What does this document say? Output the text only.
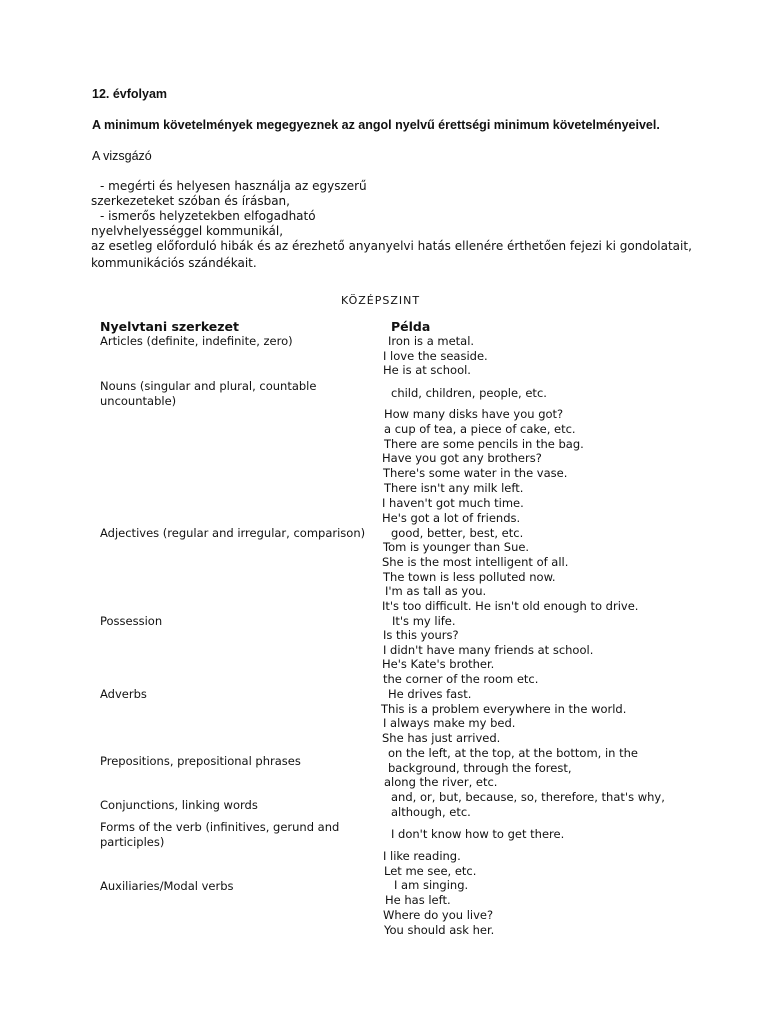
12. évfolyam
A minimum követelmények megegyeznek az angol nyelvű érettségi minimum követelményeivel.
A vizsgázó
- megérti és helyesen használja az egyszerű
szerkezeteket szóban és írásban,
- ismerős helyzetekben elfogadható
nyelvhelyességgel kommunikál,
az esetleg előforduló hibák és az érezhető anyanyelvi hatás ellenére érthetően fejezi ki gondolatait,
kommunikációs szándékait.
KÖZÉPSZINT
Nyelvtani szerkezet	Példa
Articles (definite, indefinite, zero)
Nouns (singular and plural, countable
uncountable)
Adjectives (regular and irregular, comparison)
Possession
Adverbs
Prepositions, prepositional phrases
Conjunctions, linking words
Forms of the verb (infinitives, gerund and
participles)
Auxiliaries/Modal verbs
Iron is a metal.
I love the seaside.
He is at school.
child, children, people, etc.
How many disks have you got?
a cup of tea, a piece of cake, etc.
There are some pencils in the bag.
Have you got any brothers?
There's some water in the vase.
There isn't any milk left.
I haven't got much time.
He's got a lot of friends.
good, better, best, etc.
Tom is younger than Sue.
She is the most intelligent of all.
The town is less polluted now.
I'm as tall as you.
It's too difficult. He isn't old enough to drive.
It's my life.
Is this yours?
I didn't have many friends at school.
He's Kate's brother.
the corner of the room etc.
He drives fast.
This is a problem everywhere in the world.
I always make my bed.
She has just arrived.
on the left, at the top, at the bottom, in the
background, through the forest,
along the river, etc.
and, or, but, because, so, therefore, that's why,
although, etc.
I don't know how to get there.
I like reading.
Let me see, etc.
I am singing.
He has left.
Where do you live?
You should ask her.
